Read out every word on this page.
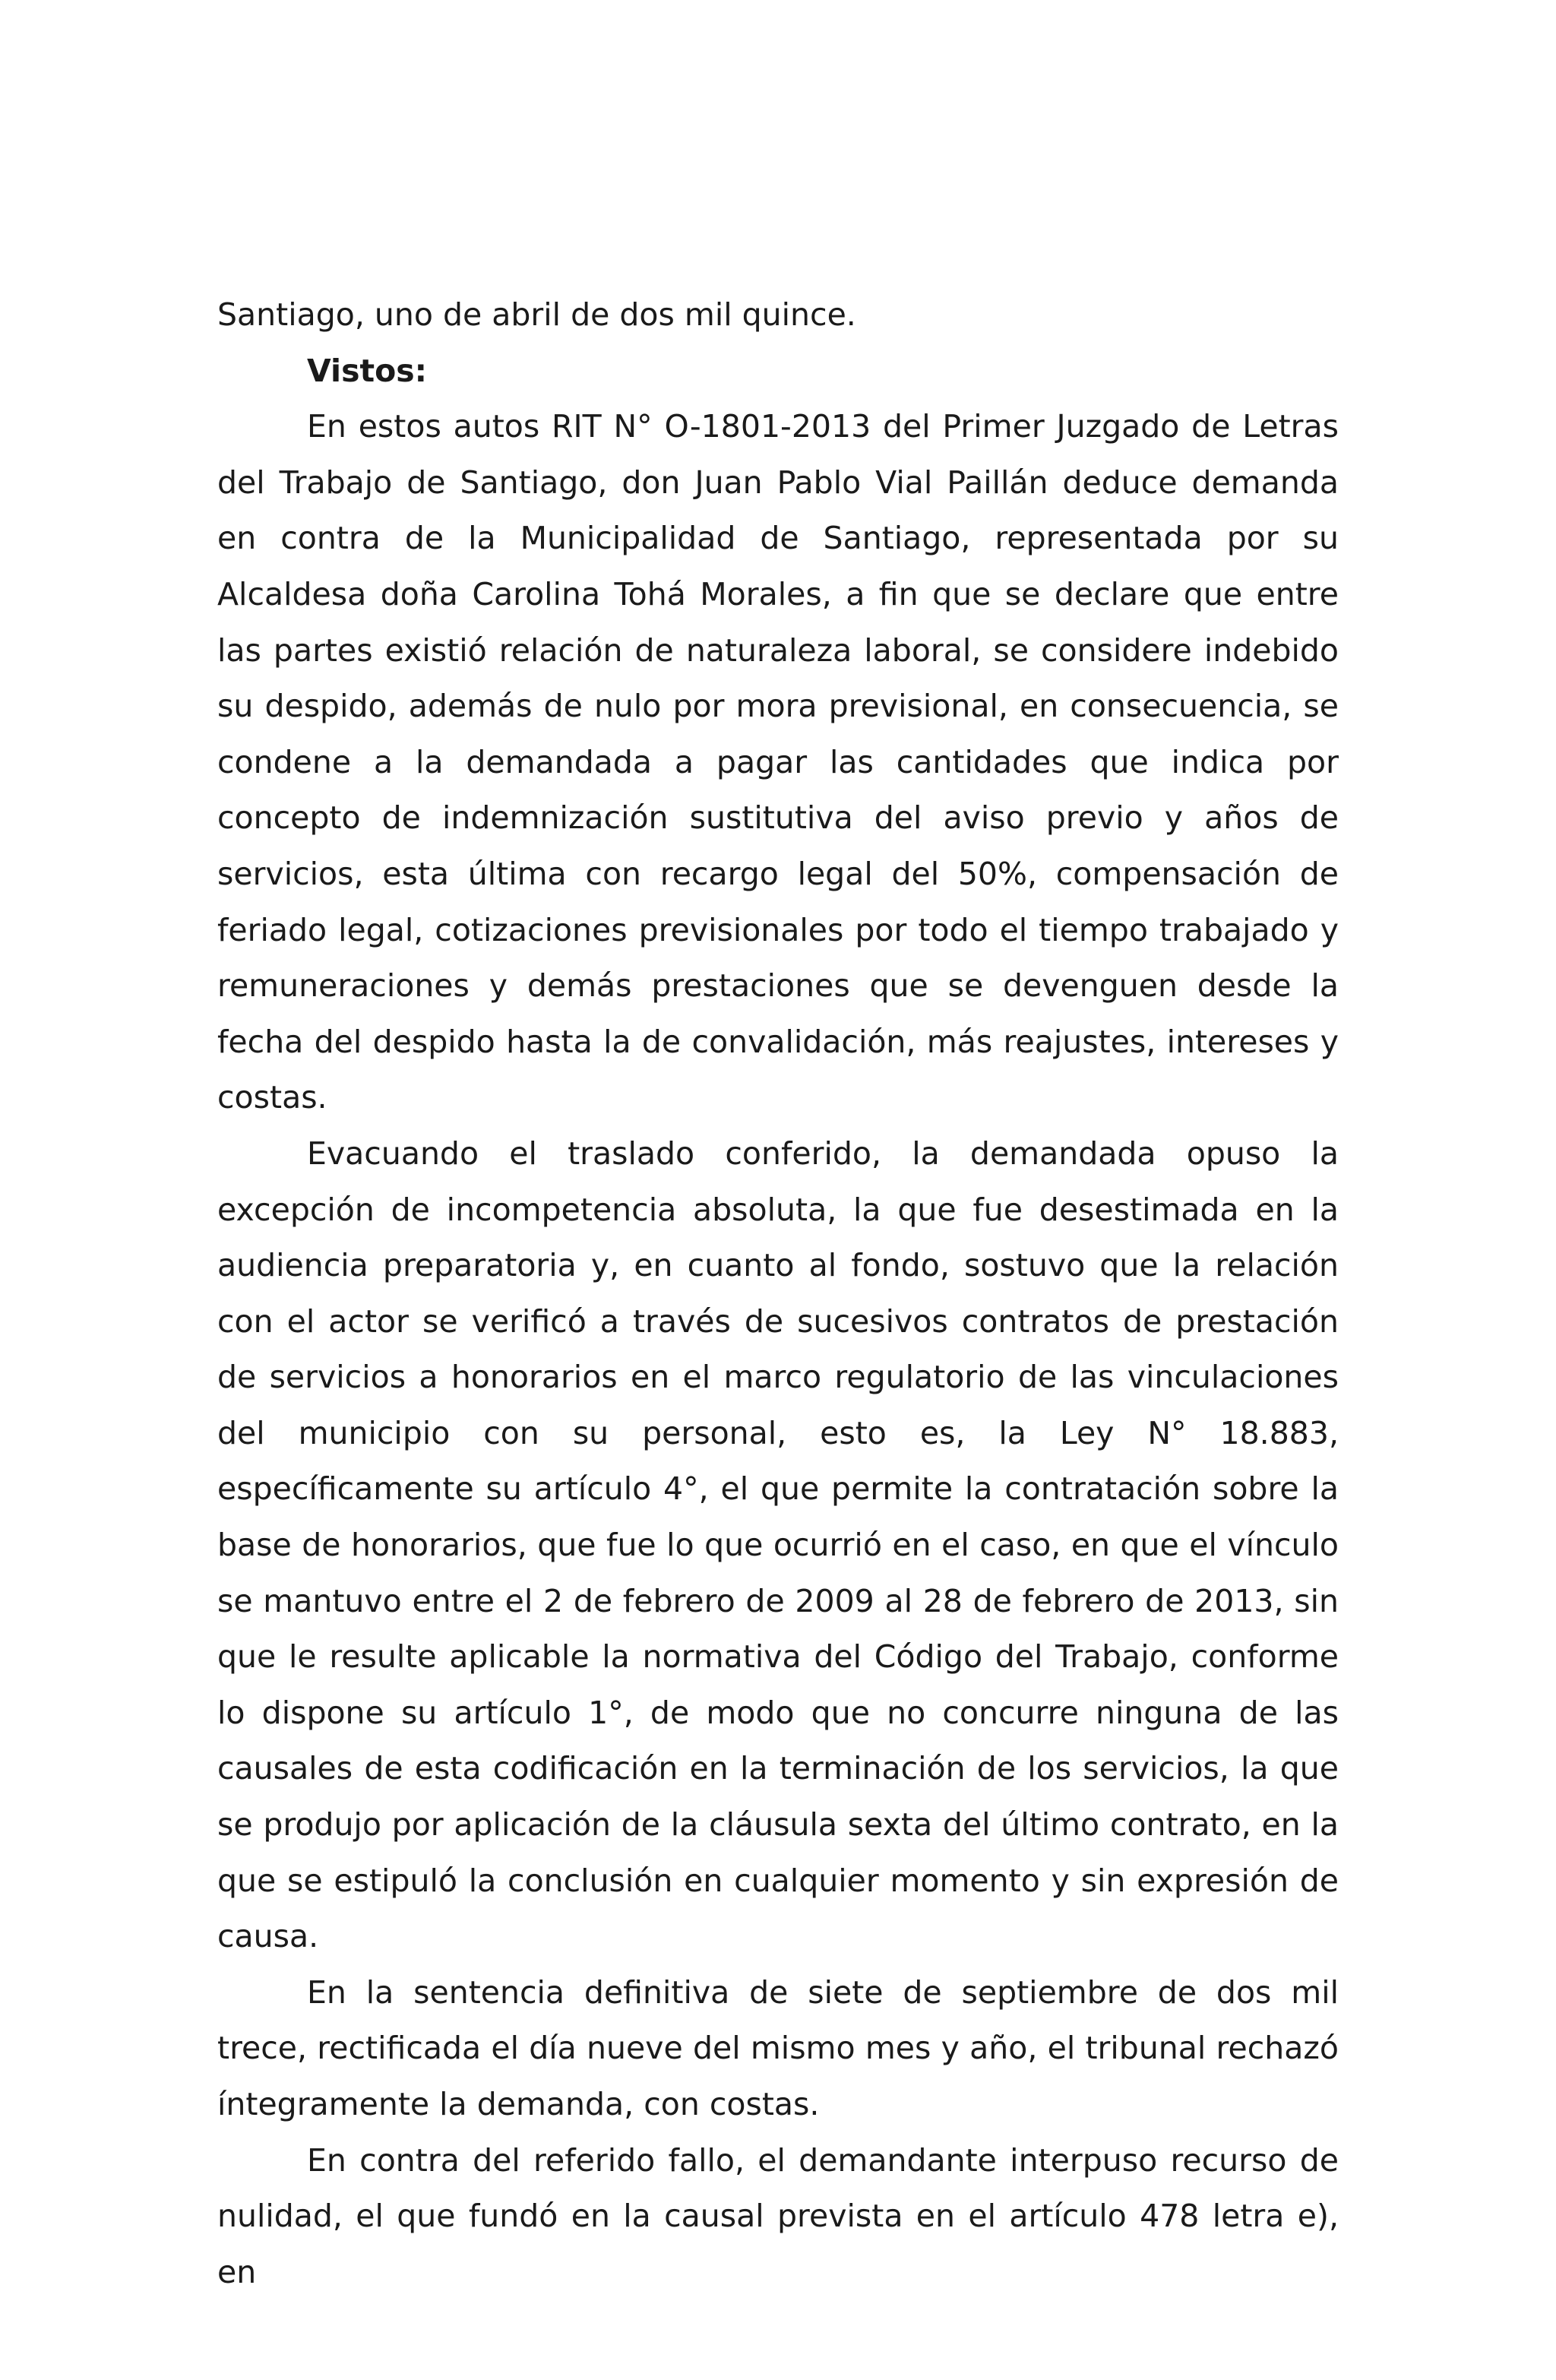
Santiago, uno de abril de dos mil quince.

Vistos:

En estos autos RIT N° O-1801-2013 del Primer Juzgado de Letras del Trabajo de Santiago, don Juan Pablo Vial Paillán deduce demanda en contra de la Municipalidad de Santiago, representada por su Alcaldesa doña Carolina Tohá Morales, a fin que se declare que entre las partes existió relación de naturaleza laboral, se considere indebido su despido, además de nulo por mora previsional, en consecuencia, se condene a la demandada a pagar las cantidades que indica por concepto de indemnización sustitutiva del aviso previo y años de servicios, esta última con recargo legal del 50%, compensación de feriado legal, cotizaciones previsionales por todo el tiempo trabajado y remuneraciones y demás prestaciones que se devenguen desde la fecha del despido hasta la de convalidación, más reajustes, intereses y costas.

Evacuando el traslado conferido, la demandada opuso la excepción de incompetencia absoluta, la que fue desestimada en la audiencia preparatoria y, en cuanto al fondo, sostuvo que la relación con el actor se verificó a través de sucesivos contratos de prestación de servicios a honorarios en el marco regulatorio de las vinculaciones del municipio con su personal, esto es, la Ley N° 18.883, específicamente su artículo 4°, el que permite la contratación sobre la base de honorarios, que fue lo que ocurrió en el caso, en que el vínculo se mantuvo entre el 2 de febrero de 2009 al 28 de febrero de 2013, sin que le resulte aplicable la normativa del Código del Trabajo, conforme lo dispone su artículo 1°, de modo que no concurre ninguna de las causales de esta codificación en la terminación de los servicios, la que se produjo por aplicación de la cláusula sexta del último contrato, en la que se estipuló la conclusión en cualquier momento y sin expresión de causa.

En la sentencia definitiva de siete de septiembre de dos mil trece, rectificada el día nueve del mismo mes y año, el tribunal rechazó íntegramente la demanda, con costas.

En contra del referido fallo, el demandante interpuso recurso de nulidad, el que fundó en la causal prevista en el artículo 478 letra e), en
